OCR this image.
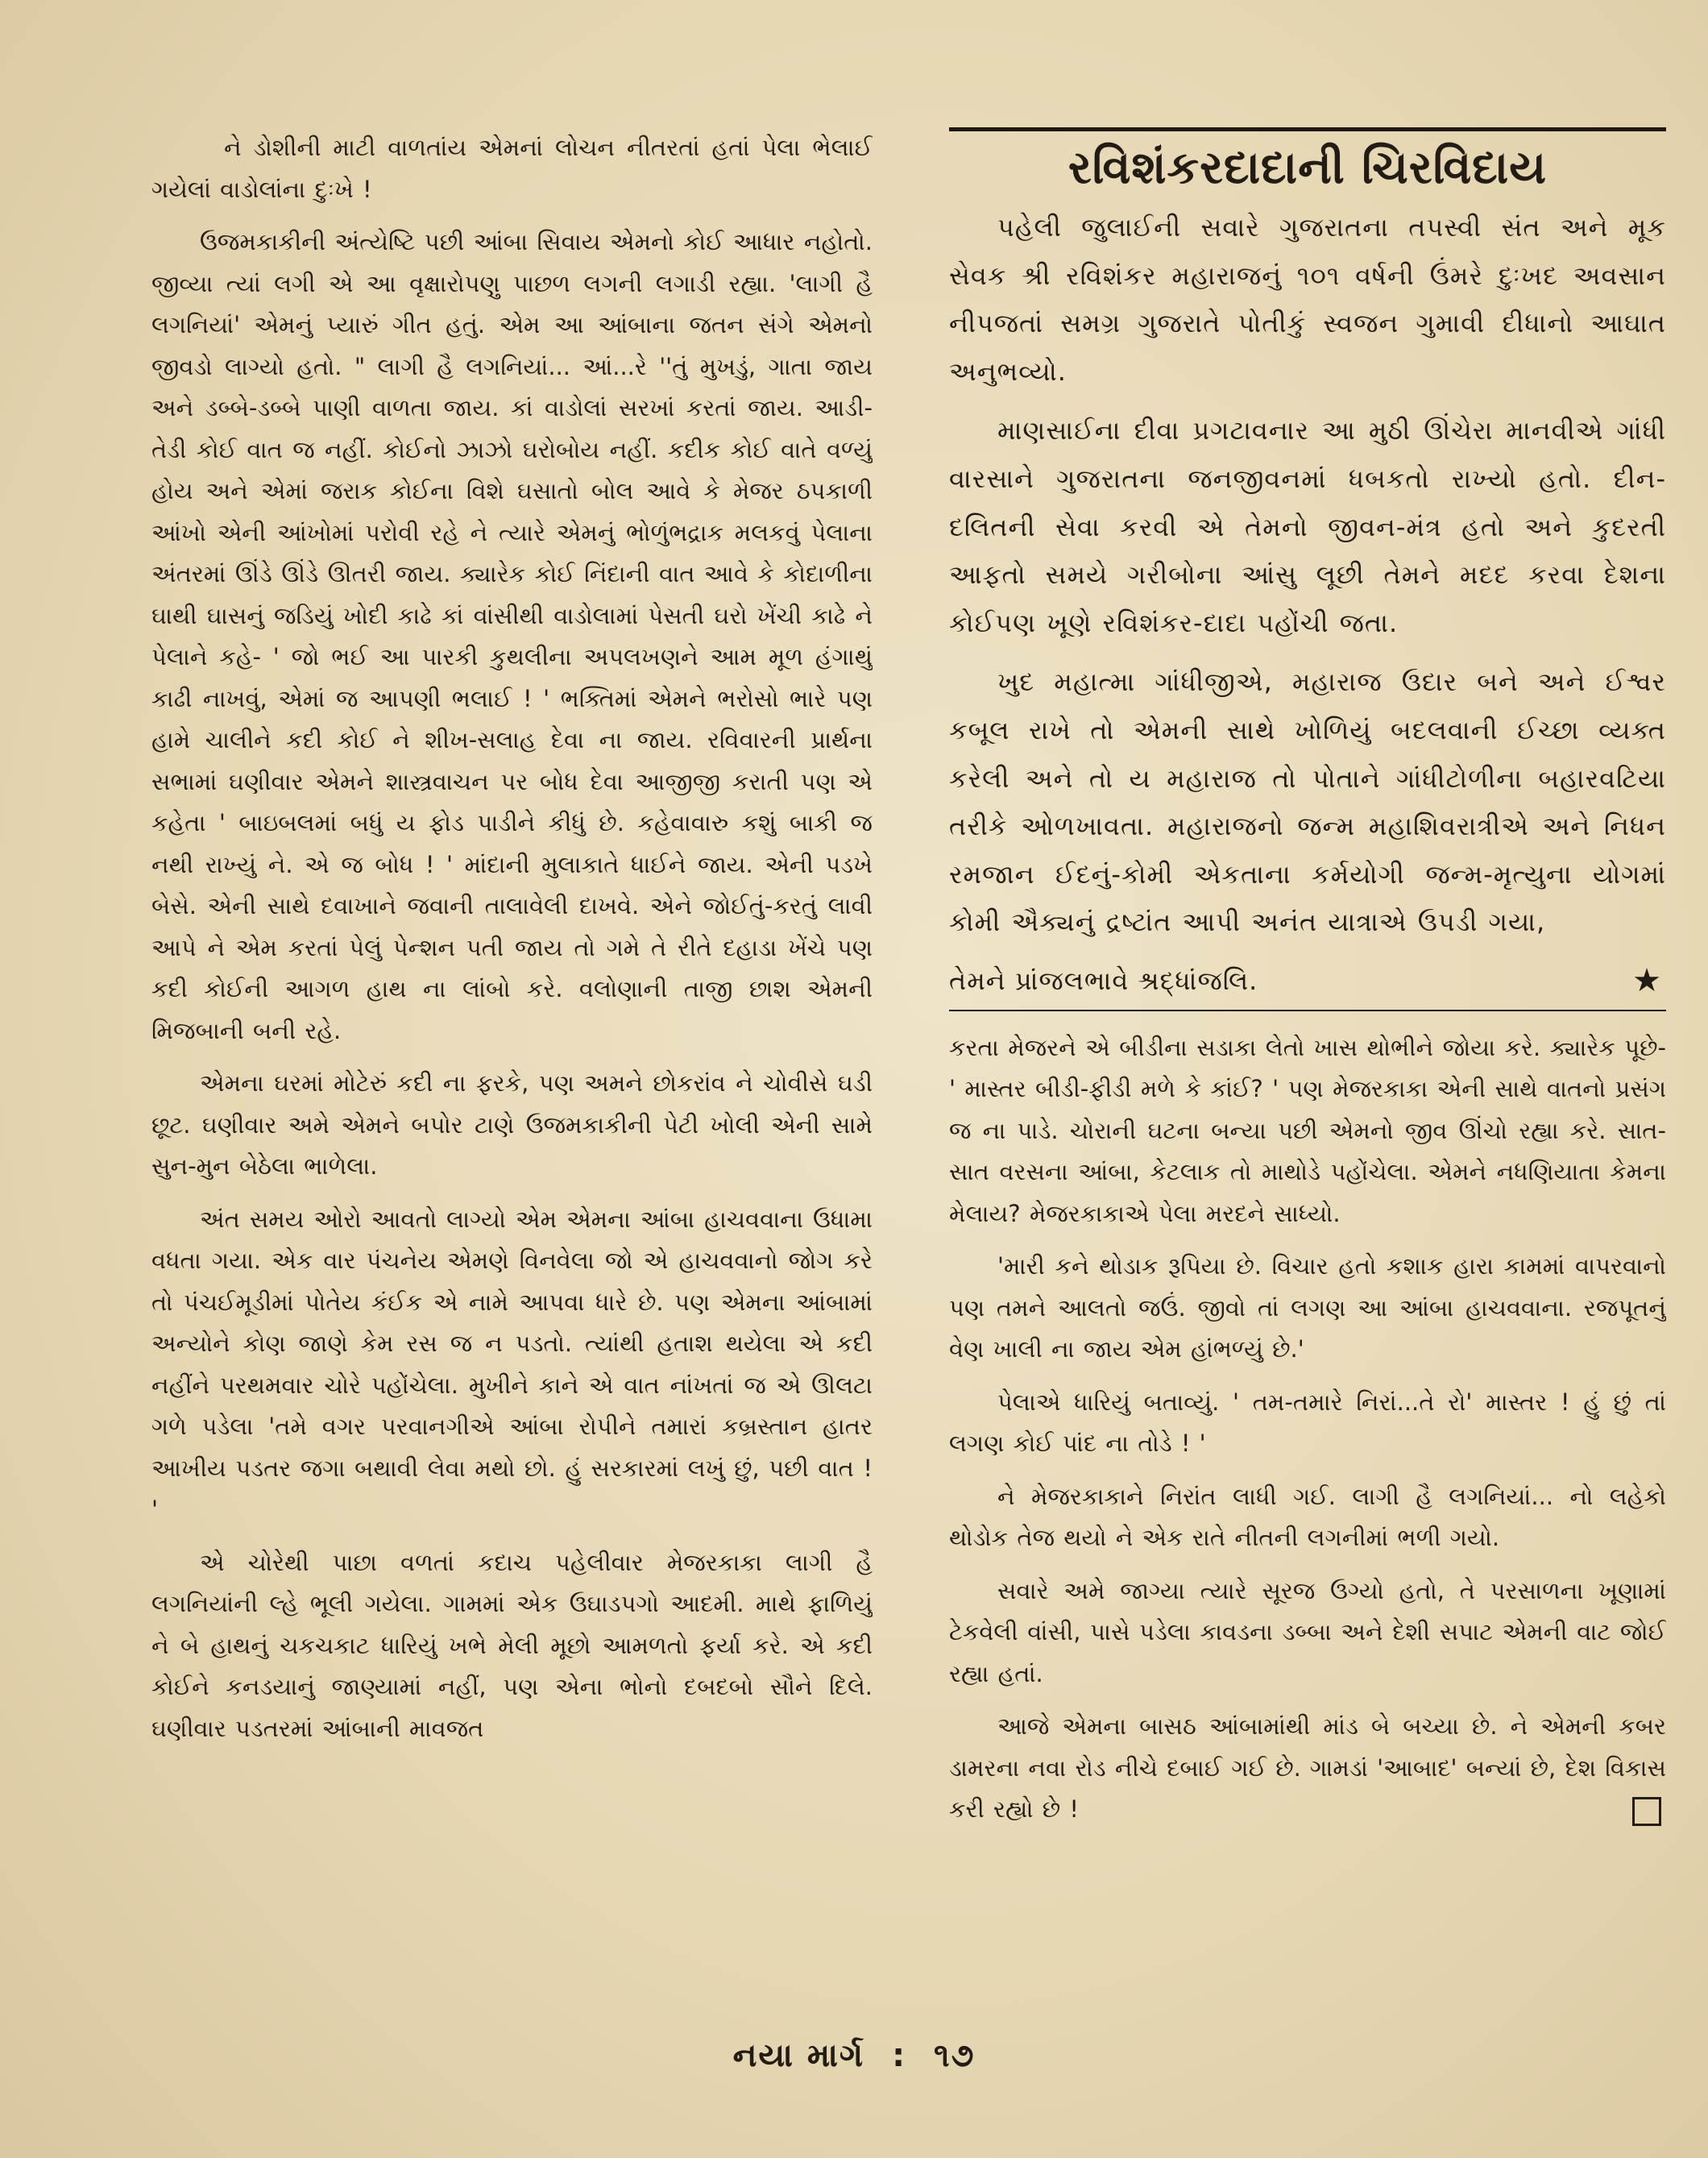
ને ડોશીની માટી વાળતાંય એમનાં લોચન નીતરતાં હતાં પેલા ભેલાઈ ગયેલાં વાડોલાંના દુઃખે !

ઉજમકાકીની અંત્યેષ્ટિ પછી આંબા સિવાય એમનો કોઈ આધાર નહોતો. જીવ્યા ત્યાં લગી એ આ વૃક્ષારોપણુ પાછળ લગની લગાડી રહ્યા. 'લાગી હૈ લગનિયાં' એમનું પ્યારું ગીત હતું. એમ આ આંબાના જતન સંગે એમનો જીવડો લાગ્યો હતો. " લાગી હૈ લગનિયાં... આં...રે ''તું મુખડું, ગાતા જાય અને ડબ્બે-ડબ્બે પાણી વાળતા જાય. કાં વાડોલાં સરખાં કરતાં જાય. આડી-તેડી કોઈ વાત જ નહીં. કોઈનો ઝાઝો ઘરોબોય નહીં. કદીક કોઈ વાતે વળ્યું હોય અને એમાં જરાક કોઈના વિશે ઘસાતો બોલ આવે કે મેજર ઠપકાળી આંખો એની આંખોમાં પરોવી રહે ને ત્યારે એમનું ભોળુંભદ્રાક મલકવું પેલાના અંતરમાં ઊંડે ઊંડે ઊતરી જાય. ક્યારેક કોઈ નિંદાની વાત આવે કે કોદાળીના ઘાથી ઘાસનું જડિયું ખોદી કાઢે કાં વાંસીથી વાડોલામાં પેસતી ઘરો ખેંચી કાઢે ને પેલાને કહે- ' જો ભઈ આ પારકી કુથલીના અપલખણને આમ મૂળ હંગાથું કાઢી નાખવું, એમાં જ આપણી ભલાઈ ! ' ભક્તિમાં એમને ભરોસો ભારે પણ હામે ચાલીને કદી કોઈ ને શીખ-સલાહ દેવા ના જાય. રવિવારની પ્રાર્થના સભામાં ઘણીવાર એમને શાસ્ત્રવાચન પર બોધ દેવા આજીજી કરાતી પણ એ કહેતા ' બાઇબલમાં બધું ય ફોડ પાડીને કીધું છે. કહેવાવારુ કશું બાકી જ નથી રાખ્યું ને. એ જ બોધ ! ' માંદાની મુલાકાતે ધાઈને જાય. એની પડખે બેસે. એની સાથે દવાખાને જવાની તાલાવેલી દાખવે. એને જોઈતું-કરતું લાવી આપે ને એમ કરતાં પેલું પેન્શન પતી જાય તો ગમે તે રીતે દહાડા ખેંચે પણ કદી કોઈની આગળ હાથ ના લાંબો કરે. વલોણાની તાજી છાશ એમની મિજબાની બની રહે.

એમના ઘરમાં મોટેરું કદી ના ફરકે, પણ અમને છોકરાંવ ને ચોવીસે ઘડી છૂટ. ઘણીવાર અમે એમને બપોર ટાણે ઉજમકાકીની પેટી ખોલી એની સામે સુન-મુન બેઠેલા ભાળેલા.

અંત સમય ઓરો આવતો લાગ્યો એમ એમના આંબા હાચવવાના ઉધામા વધતા ગયા. એક વાર પંચનેય એમણે વિનવેલા જો એ હાચવવાનો જોગ કરે તો પંચઈમૂડીમાં પોતેય કંઈક એ નામે આપવા ધારે છે. પણ એમના આંબામાં અન્યોને કોણ જાણે કેમ રસ જ ન પડતો. ત્યાંથી હતાશ થયેલા એ કદી નહીંને પરથમવાર ચોરે પહોંચેલા. મુખીને કાને એ વાત નાંખતાં જ એ ઊલટા ગળે પડેલા 'તમે વગર પરવાનગીએ આંબા રોપીને તમારાં કબ્રસ્તાન હાતર આખીય પડતર જગા બથાવી લેવા મથો છો. હું સરકારમાં લખું છું, પછી વાત ! '

એ ચોરેથી પાછા વળતાં કદાચ પહેલીવાર મેજરકાકા લાગી હૈ લગનિયાંની લ્હે ભૂલી ગયેલા. ગામમાં એક ઉઘાડપગો આદમી. માથે ફાળિયું ને બે હાથનું ચકચકાટ ધારિયું ખભે મેલી મૂછો આમળતો ફર્યા કરે. એ કદી કોઈને કનડયાનું જાણ્યામાં નહીં, પણ એના ભોનો દબદબો સૌને દિલે. ઘણીવાર પડતરમાં આંબાની માવજત

રવિશંકરદાદાની ચિરવિદાય

પહેલી જુલાઈની સવારે ગુજરાતના તપસ્વી સંત અને મૂક સેવક શ્રી રવિશંકર મહારાજનું ૧૦૧ વર્ષની ઉંમરે દુઃખદ અવસાન નીપજતાં સમગ્ર ગુજરાતે પોતીકું સ્વજન ગુમાવી દીધાનો આઘાત અનુભવ્યો.

માણસાઈના દીવા પ્રગટાવનાર આ મુઠી ઊંચેરા માનવીએ ગાંધી વારસાને ગુજરાતના જનજીવનમાં ધબકતો રાખ્યો હતો. દીન-દલિતની સેવા કરવી એ તેમનો જીવન-મંત્ર હતો અને કુદરતી આફતો સમયે ગરીબોના આંસુ લૂછી તેમને મદદ કરવા દેશના કોઈપણ ખૂણે રવિશંકર-દાદા પહોંચી જતા.

ખુદ મહાત્મા ગાંધીજીએ, મહારાજ ઉદાર બને અને ઈશ્વર કબૂલ રાખે તો એમની સાથે ખોળિયું બદલવાની ઈચ્છા વ્યક્ત કરેલી અને તો ય મહારાજ તો પોતાને ગાંધીટોળીના બહારવટિયા તરીકે ઓળખાવતા. મહારાજનો જન્મ મહાશિવરાત્રીએ અને નિધન રમજાન ઈદનું-કોમી એકતાના કર્મયોગી જન્મ-મૃત્યુના યોગમાં કોમી ઐક્યનું દ્રષ્ટાંત આપી અનંત યાત્રાએ ઉપડી ગયા,

તેમને પ્રાંજલભાવે શ્રદ્ધાંજલિ.	★

કરતા મેજરને એ બીડીના સડાકા લેતો ખાસ થોભીને જોયા કરે. ક્યારેક પૂછે-' માસ્તર બીડી-ફીડી મળે કે કાંઈ? ' પણ મેજરકાકા એની સાથે વાતનો પ્રસંગ જ ના પાડે. ચોરાની ઘટના બન્યા પછી એમનો જીવ ઊંચો રહ્યા કરે. સાત-સાત વરસના આંબા, કેટલાક તો માથોડે પહોંચેલા. એમને નધણિયાતા કેમના મેલાય? મેજરકાકાએ પેલા મરદને સાધ્યો.

'મારી કને થોડાક રૂપિયા છે. વિચાર હતો કશાક હારા કામમાં વાપરવાનો પણ તમને આલતો જઉં. જીવો તાં લગણ આ આંબા હાચવવાના. રજપૂતનું વેણ ખાલી ના જાય એમ હાંભળ્યું છે.'

પેલાએ ધારિયું બતાવ્યું. ' તમ-તમારે નિરાં...તે રો' માસ્તર ! હું છું તાં લગણ કોઈ પાંદ ના તોડે ! '

ને મેજરકાકાને નિરાંત લાધી ગઈ. લાગી હૈ લગનિયાં... નો લહેકો થોડોક તેજ થયો ને એક રાતે નીતની લગનીમાં ભળી ગયો.

સવારે અમે જાગ્યા ત્યારે સૂરજ ઉગ્યો હતો, તે પરસાળના ખૂણામાં ટેકવેલી વાંસી, પાસે પડેલા કાવડના ડબ્બા અને દેશી સપાટ એમની વાટ જોઈ રહ્યા હતાં.

આજે એમના બાસઠ આંબામાંથી માંડ બે બચ્યા છે. ને એમની કબર ડામરના નવા રોડ નીચે દબાઈ ગઈ છે. ગામડાં 'આબાદ' બન્યાં છે, દેશ વિકાસ કરી રહ્યો છે !

નયા માર્ગ : ૧૭
